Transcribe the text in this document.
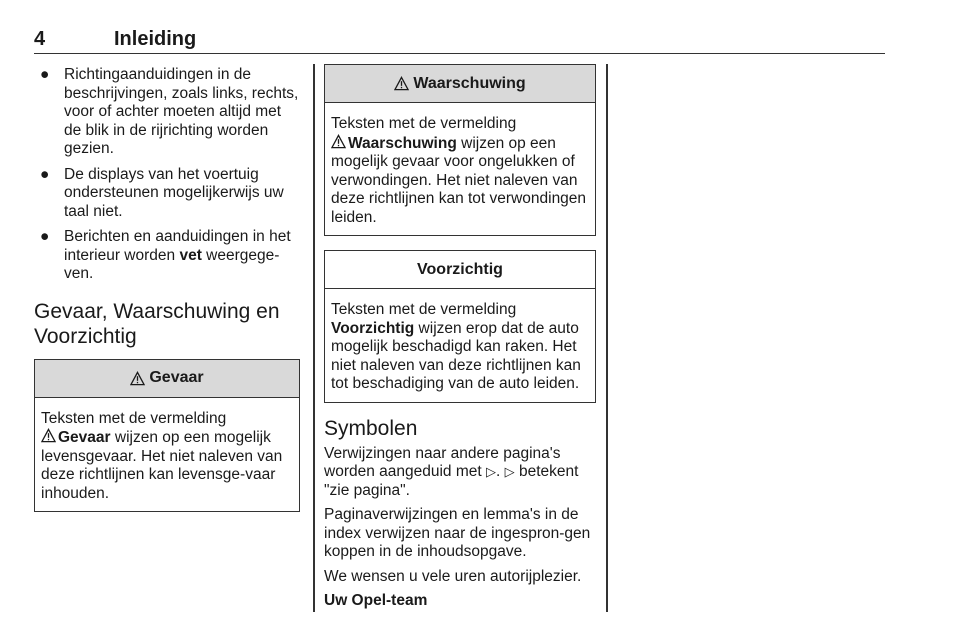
4	Inleiding
● Richtingaanduidingen in de beschrijvingen, zoals links, rechts, voor of achter moeten altijd met de blik in de rijrichting worden gezien.
● De displays van het voertuig ondersteunen mogelijkerwijs uw taal niet.
● Berichten en aanduidingen in het interieur worden vet weergege-ven.
Gevaar, Waarschuwing en Voorzichtig
Gevaar
Teksten met de vermelding
Gevaar wijzen op een mogelijk levensgevaar. Het niet naleven van deze richtlijnen kan levensge-vaar inhouden.
Waarschuwing
Teksten met de vermelding
Waarschuwing wijzen op een mogelijk gevaar voor ongelukken of verwondingen. Het niet naleven van deze richtlijnen kan tot verwondingen leiden.
Voorzichtig
Teksten met de vermelding
Voorzichtig wijzen erop dat de auto mogelijk beschadigd kan raken. Het niet naleven van deze richtlijnen kan tot beschadiging van de auto leiden.
Symbolen

Verwijzingen naar andere pagina's worden aangeduid met ▷. ▷ betekent "zie pagina".

Paginaverwijzingen en lemma's in de index verwijzen naar de ingespron-gen koppen in de inhoudsopgave.

We wensen u vele uren autorijplezier.

Uw Opel-team
